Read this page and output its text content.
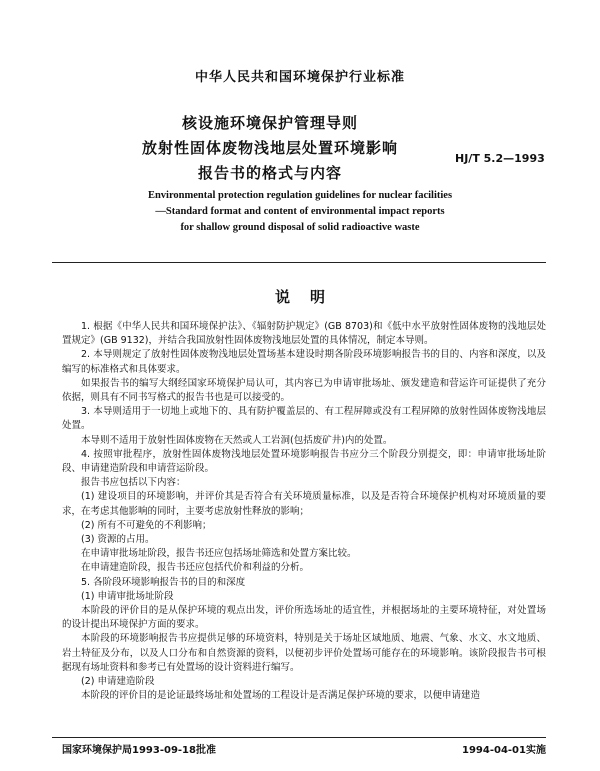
中华人民共和国环境保护行业标准
核设施环境保护管理导则
放射性固体废物浅地层处置环境影响
报告书的格式与内容
HJ/T 5.2—1993
Environmental protection regulation guidelines for nuclear facilities
—Standard format and content of environmental impact reports
for shallow ground disposal of solid radioactive waste
说明

1. 根据《中华人民共和国环境保护法》、《辐射防护规定》(GB 8703)和《低中水平放射性固体废物的浅地层处置规定》(GB 9132)，并结合我国放射性固体废物浅地层处置的具体情况，制定本导则。

2. 本导则规定了放射性固体废物浅地层处置场基本建设时期各阶段环境影响报告书的目的、内容和深度，以及编写的标准格式和具体要求。

如果报告书的编写大纲经国家环境保护局认可，其内容已为申请审批场址、颁发建造和营运许可证提供了充分依据，则具有不同书写格式的报告书也是可以接受的。

3. 本导则适用于一切地上或地下的、具有防护覆盖层的、有工程屏障或没有工程屏障的放射性固体废物浅地层处置。

本导则不适用于放射性固体废物在天然或人工岩洞(包括废矿井)内的处置。

4. 按照审批程序，放射性固体废物浅地层处置环境影响报告书应分三个阶段分别提交，即：申请审批场址阶段、申请建造阶段和申请营运阶段。

报告书应包括以下内容：

(1) 建设项目的环境影响，并评价其是否符合有关环境质量标准，以及是否符合环境保护机构对环境质量的要求，在考虑其他影响的同时，主要考虑放射性释放的影响；

(2) 所有不可避免的不利影响；

(3) 资源的占用。

在申请审批场址阶段，报告书还应包括场址筛选和处置方案比较。

在申请建造阶段，报告书还应包括代价和利益的分析。

5. 各阶段环境影响报告书的目的和深度

(1) 申请审批场址阶段

本阶段的评价目的是从保护环境的观点出发，评价所选场址的适宜性，并根据场址的主要环境特征，对处置场的设计提出环境保护方面的要求。

本阶段的环境影响报告书应提供足够的环境资料，特别是关于场址区域地质、地震、气象、水文、水文地质、岩土特征及分布，以及人口分布和自然资源的资料，以便初步评价处置场可能存在的环境影响。该阶段报告书可根据现有场址资料和参考已有处置场的设计资料进行编写。

(2) 申请建造阶段

本阶段的评价目的是论证最终场址和处置场的工程设计是否满足保护环境的要求，以便申请建造

国家环境保护局1993-09-18批准	1994-04-01实施
